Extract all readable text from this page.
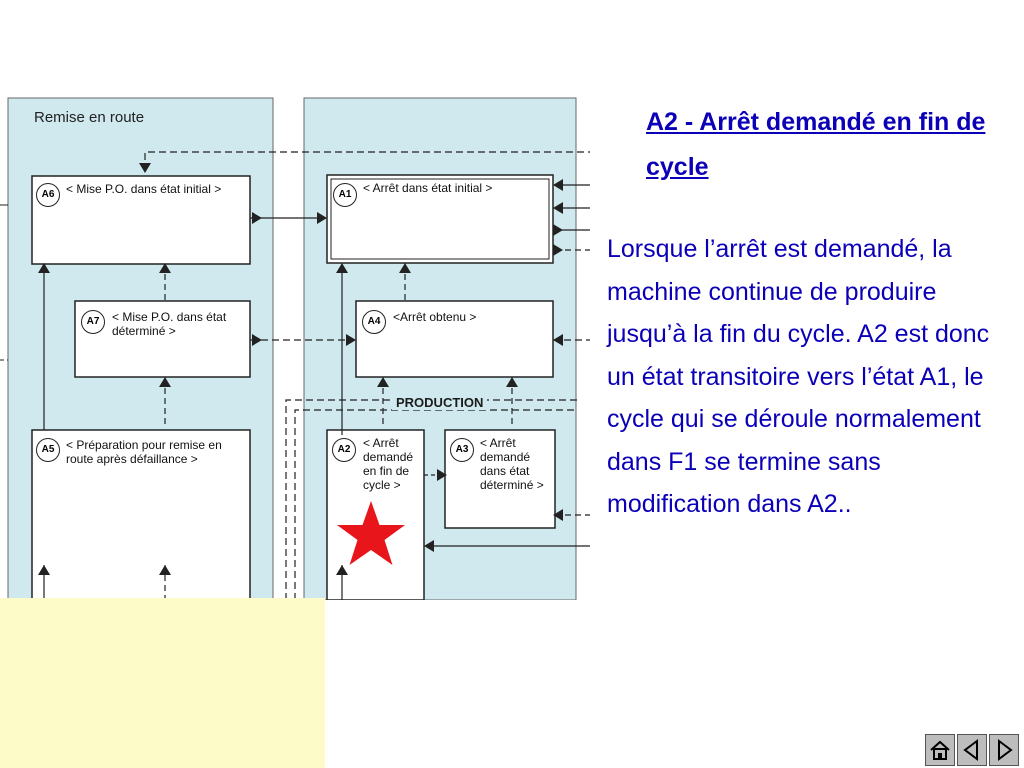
Remise en route
PRODUCTION
A6 < Mise P.O. dans état initial >
A7	< Mise P.O. dans état déterminé >
A5 < Préparation pour remise en route après défaillance >
A1 < Arrêt dans état initial >
A4	<Arrêt obtenu >
A2	< Arrêt demandé en fin de cycle >
A3 < Arrêt demandé dans état déterminé >
A2 - Arrêt demandé en fin de cycle
Lorsque l’arrêt est demandé, la machine continue de produire jusqu’à la fin du cycle. A2 est donc un état transitoire vers l’état A1, le cycle qui se déroule normalement dans F1 se termine sans modification dans A2..
